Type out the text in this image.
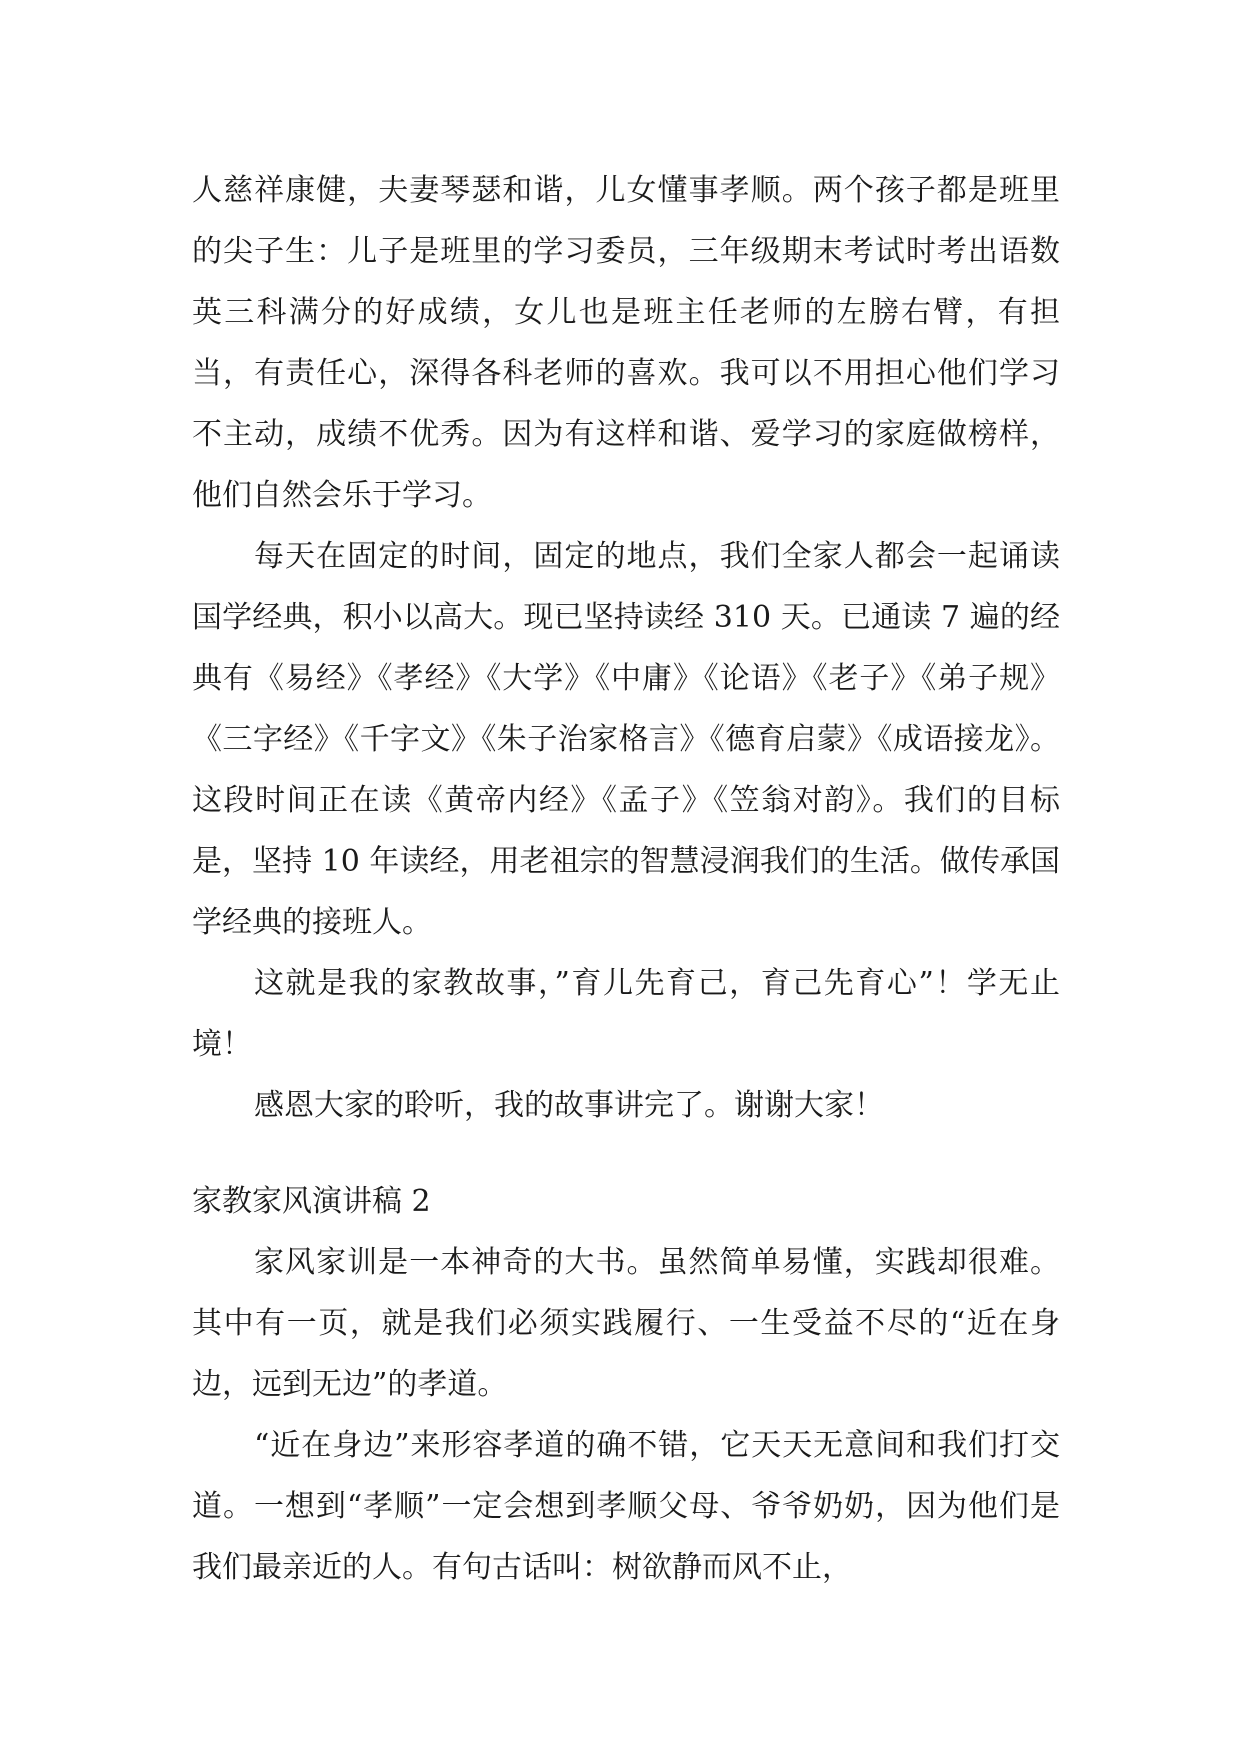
人慈祥康健，夫妻琴瑟和谐，儿女懂事孝顺。两个孩子都是班里的尖子生：儿子是班里的学习委员，三年级期末考试时考出语数英三科满分的好成绩，女儿也是班主任老师的左膀右臂，有担当，有责任心，深得各科老师的喜欢。我可以不用担心他们学习不主动，成绩不优秀。因为有这样和谐、爱学习的家庭做榜样，他们自然会乐于学习。

每天在固定的时间，固定的地点，我们全家人都会一起诵读国学经典，积小以高大。现已坚持读经 310 天。已通读 7 遍的经典有《易经》《孝经》《大学》《中庸》《论语》《老子》《弟子规》《三字经》《千字文》《朱子治家格言》《德育启蒙》《成语接龙》。这段时间正在读《黄帝内经》《孟子》《笠翁对韵》。我们的目标是，坚持 10 年读经，用老祖宗的智慧浸润我们的生活。做传承国学经典的接班人。

这就是我的家教故事，”育儿先育己，育己先育心”！学无止境！

感恩大家的聆听，我的故事讲完了。谢谢大家！

家教家风演讲稿 2

家风家训是一本神奇的大书。虽然简单易懂，实践却很难。其中有一页，就是我们必须实践履行、一生受益不尽的“近在身边，远到无边”的孝道。

“近在身边”来形容孝道的确不错，它天天无意间和我们打交道。一想到“孝顺”一定会想到孝顺父母、爷爷奶奶，因为他们是我们最亲近的人。有句古话叫：树欲静而风不止，
